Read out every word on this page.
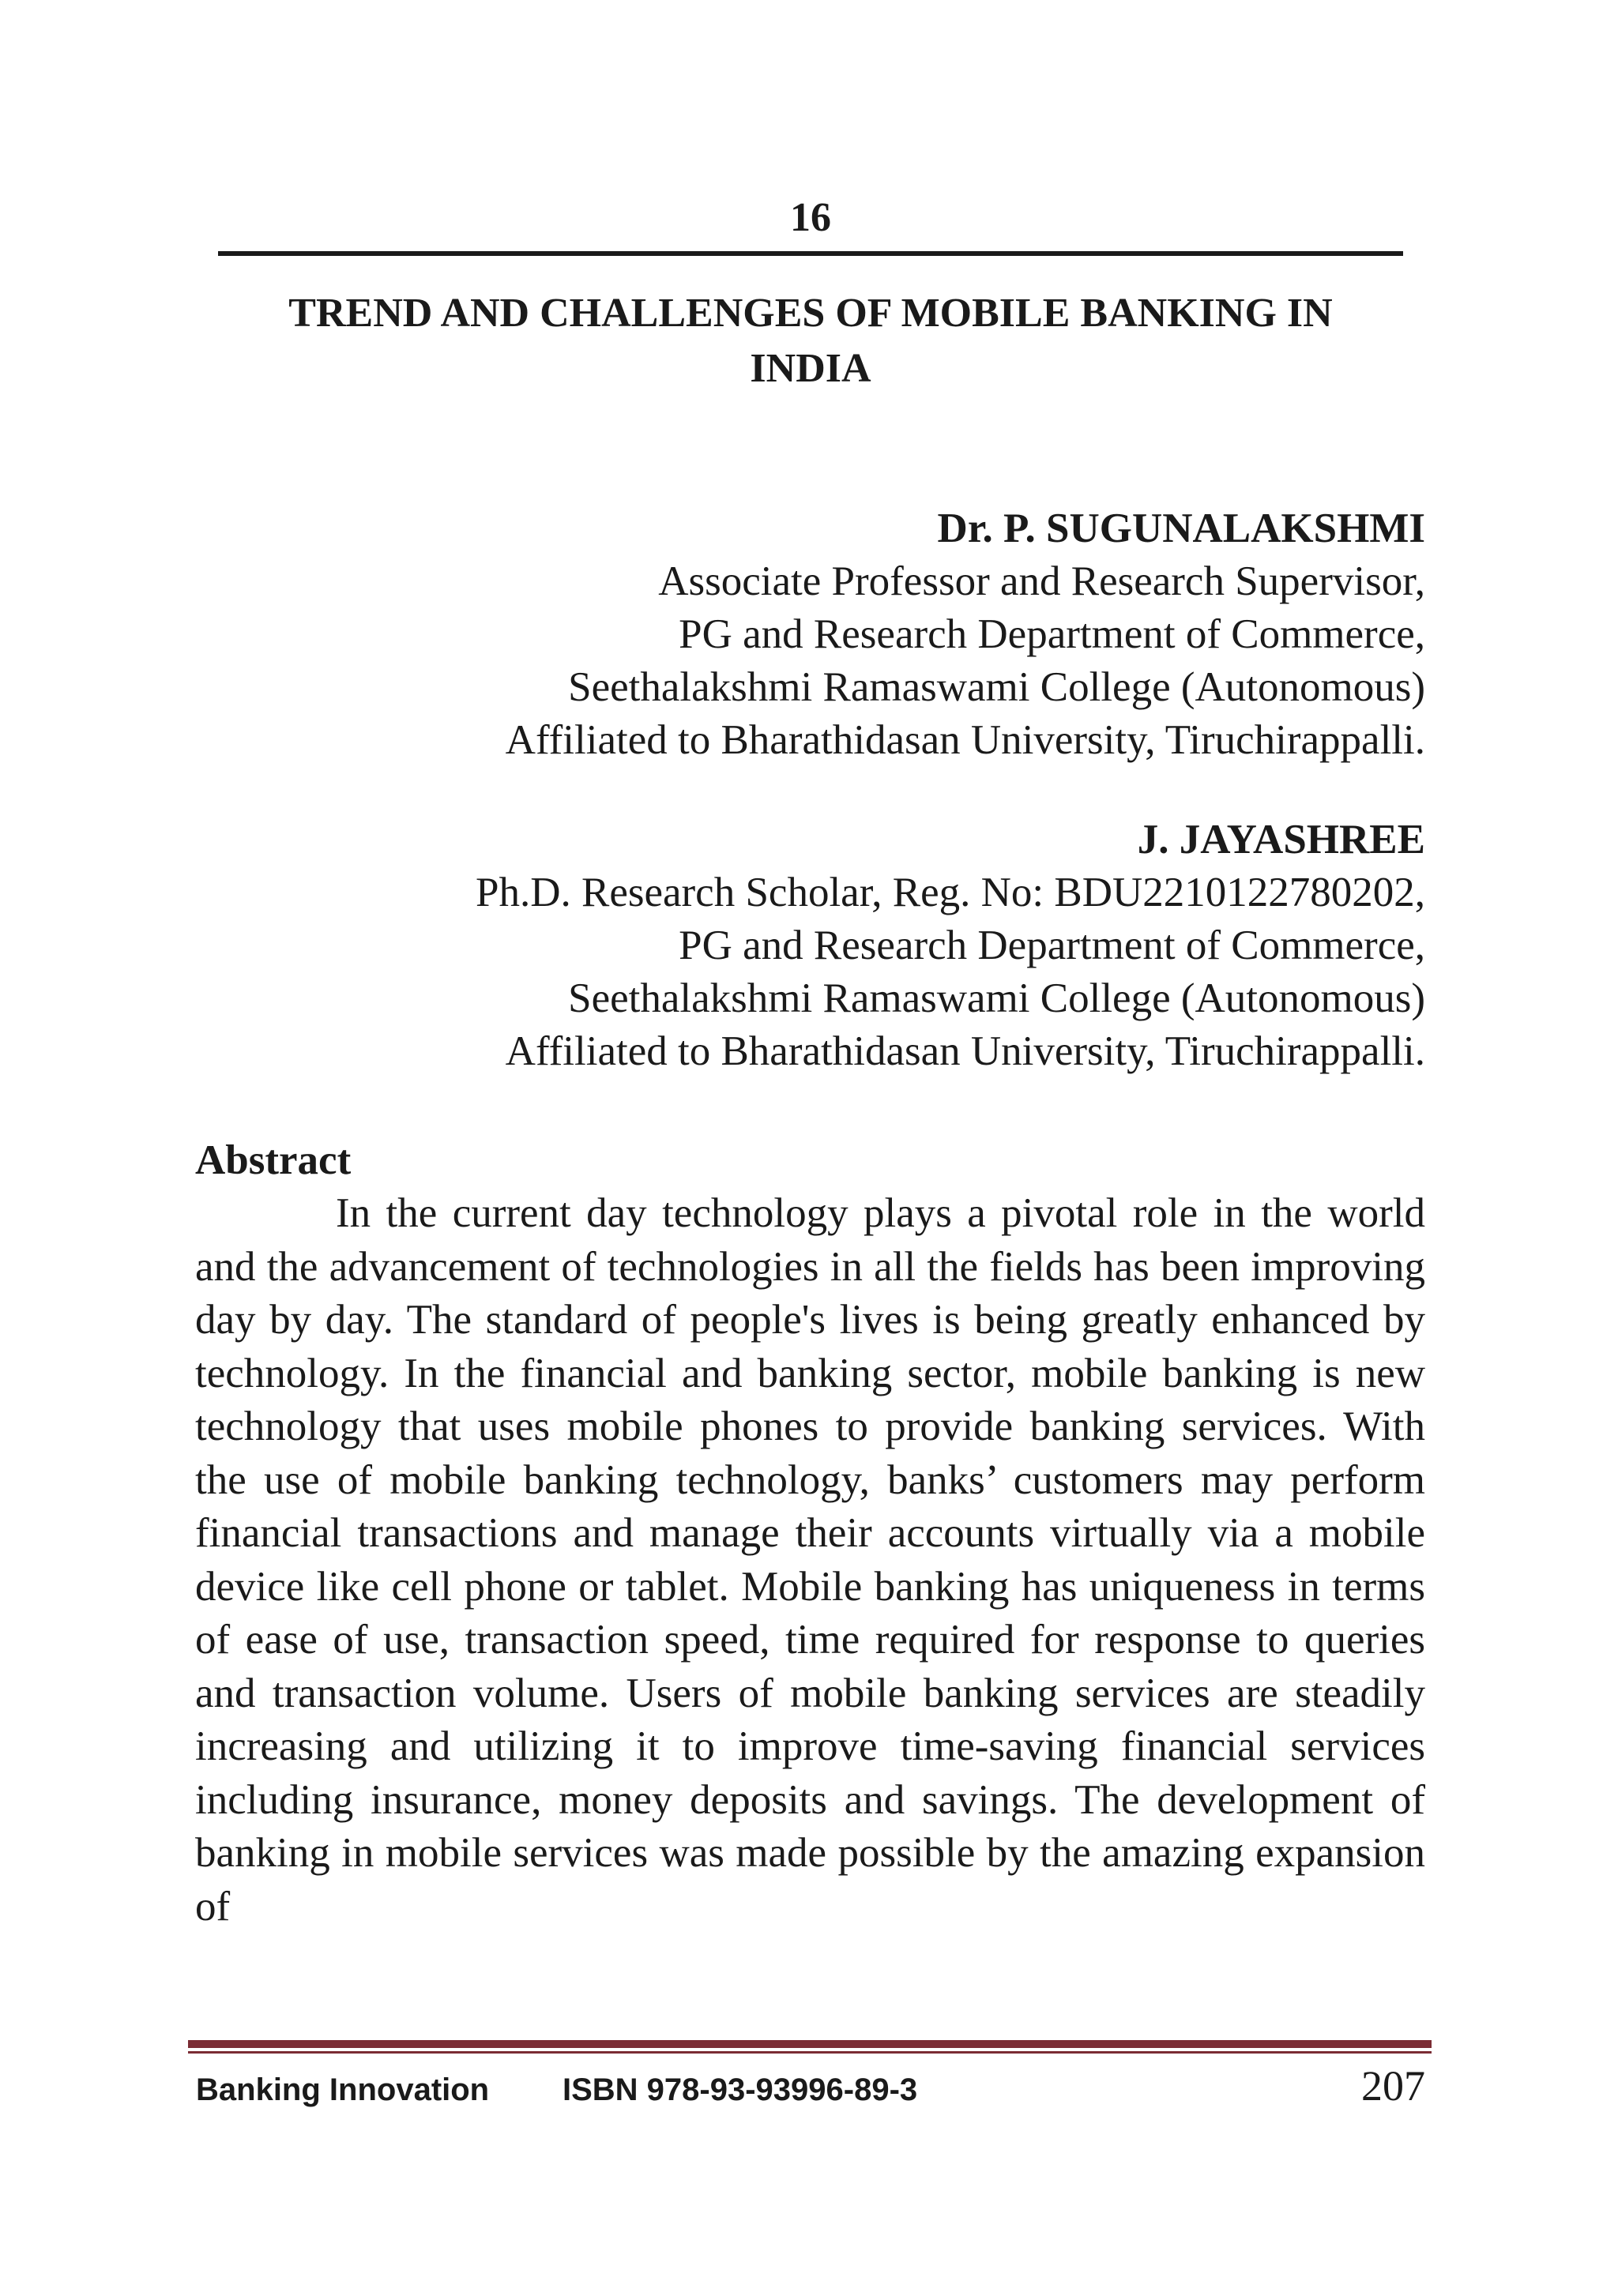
16
TREND AND CHALLENGES OF MOBILE BANKING IN
INDIA
Dr. P. SUGUNALAKSHMI
Associate Professor and Research Supervisor,
PG and Research Department of Commerce,
Seethalakshmi Ramaswami College (Autonomous)
Affiliated to Bharathidasan University, Tiruchirappalli.
J. JAYASHREE
Ph.D. Research Scholar, Reg. No: BDU2210122780202,
PG and Research Department of Commerce,
Seethalakshmi Ramaswami College (Autonomous)
Affiliated to Bharathidasan University, Tiruchirappalli.
Abstract

In the current day technology plays a pivotal role in the world and the advancement of technologies in all the fields has been improving day by day. The standard of people's lives is being greatly enhanced by technology. In the financial and banking sector, mobile banking is new technology that uses mobile phones to provide banking services. With the use of mobile banking technology, banks’ customers may perform financial transactions and manage their accounts virtually via a mobile device like cell phone or tablet. Mobile banking has uniqueness in terms of ease of use, transaction speed, time required for response to queries and transaction volume. Users of mobile banking services are steadily increasing and utilizing it to improve time-saving financial services including insurance, money deposits and savings. The development of banking in mobile services was made possible by the amazing expansion of

Banking Innovation ISBN 978-93-93996-89-3	207
